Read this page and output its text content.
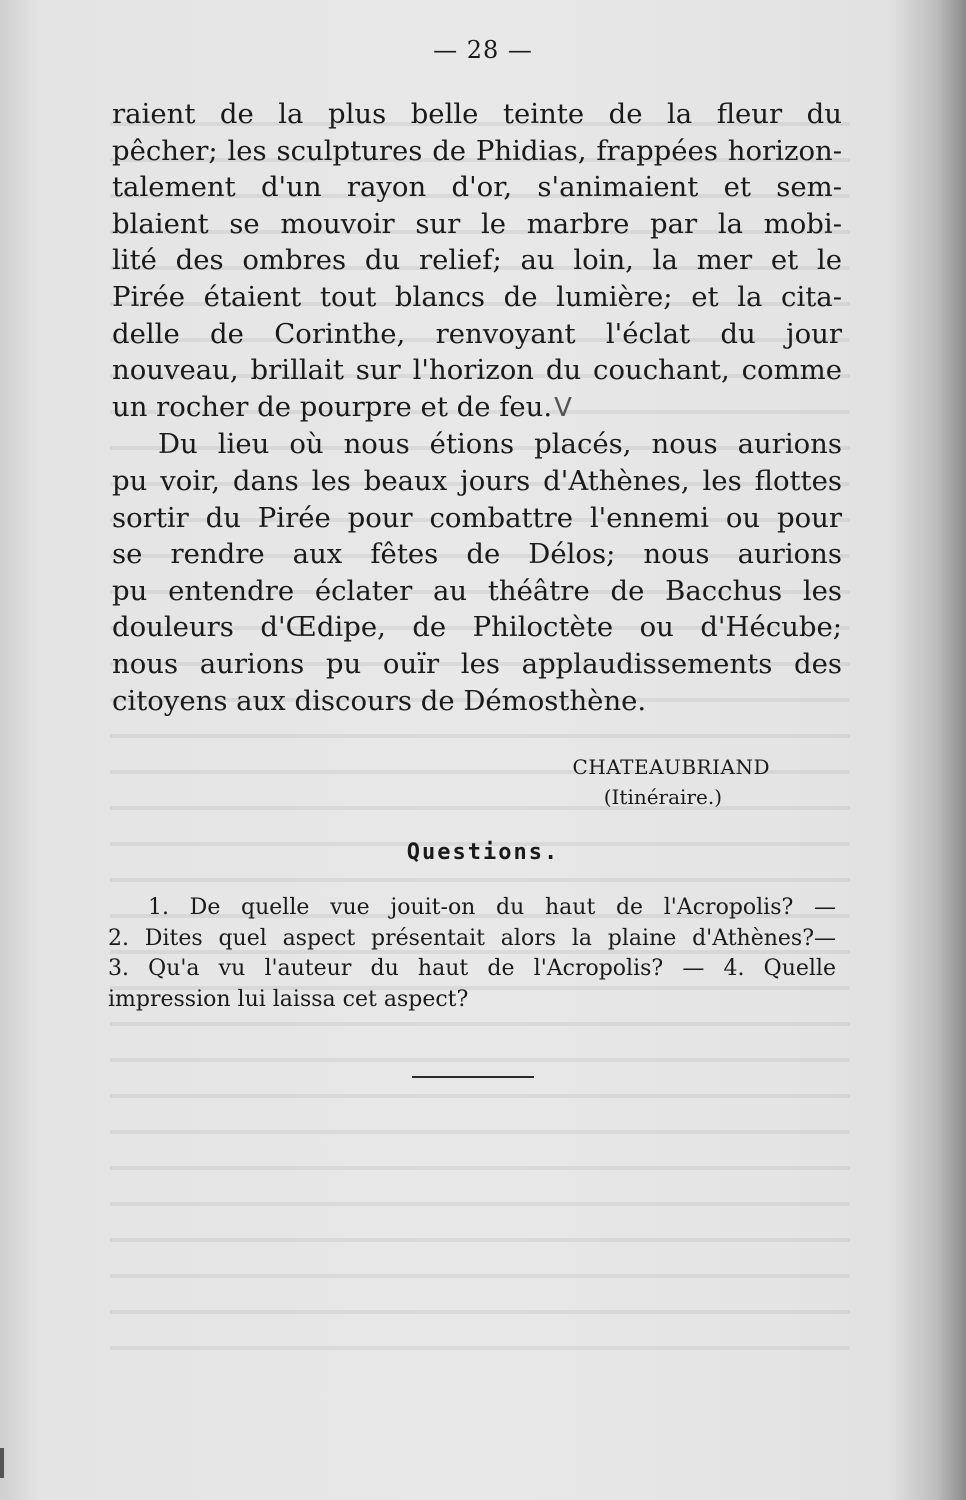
— 28 —

raient de la plus belle teinte de la fleur du
pêcher; les sculptures de Phidias, frappées horizon-
talement d'un rayon d'or, s'animaient et sem-
blaient se mouvoir sur le marbre par la mobi-
lité des ombres du relief; au loin, la mer et le
Pirée étaient tout blancs de lumière; et la cita-
delle de Corinthe, renvoyant l'éclat du jour
nouveau, brillait sur l'horizon du couchant, comme
un rocher de pourpre et de feu.V

Du lieu où nous étions placés, nous aurions
pu voir, dans les beaux jours d'Athènes, les flottes
sortir du Pirée pour combattre l'ennemi ou pour
se rendre aux fêtes de Délos; nous aurions
pu entendre éclater au théâtre de Bacchus les
douleurs d'Œdipe, de Philoctète ou d'Hécube;
nous aurions pu ouïr les applaudissements des
citoyens aux discours de Démosthène.

CHATEAUBRIAND
(Itinéraire.)
Questions.
1. De quelle vue jouit-on du haut de l'Acropolis? —
2. Dites quel aspect présentait alors la plaine d'Athènes?—
3. Qu'a vu l'auteur du haut de l'Acropolis? — 4. Quelle
impression lui laissa cet aspect?
